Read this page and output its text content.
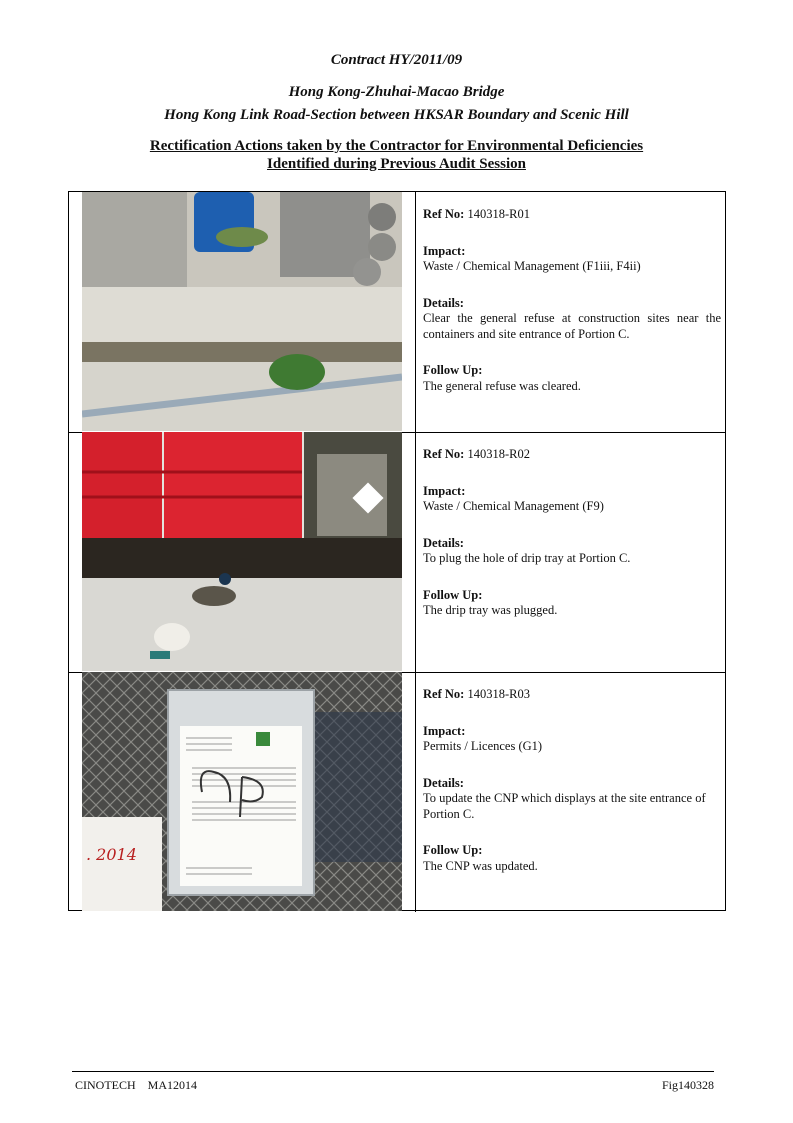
Contract HY/2011/09
Hong Kong-Zhuhai-Macao Bridge
Hong Kong Link Road-Section between HKSAR Boundary and Scenic Hill
Rectification Actions taken by the Contractor for Environmental Deficiencies
Identified during Previous Audit Session
Ref No: 140318-R01
Impact:
Waste / Chemical Management (F1iii, F4ii)
Details:
Clear the general refuse at construction sites near the containers and site entrance of Portion C.
Follow Up:
The general refuse was cleared.
Ref No: 140318-R02
Impact:
Waste / Chemical Management (F9)
Details:
To plug the hole of drip tray at Portion C.
Follow Up:
The drip tray was plugged.
. 2014
Ref No: 140318-R03
Impact:
Permits / Licences (G1)
Details:
To update the CNP which displays at the site entrance of Portion C.
Follow Up:
The CNP was updated.
CINOTECH    MA12014	Fig140328
